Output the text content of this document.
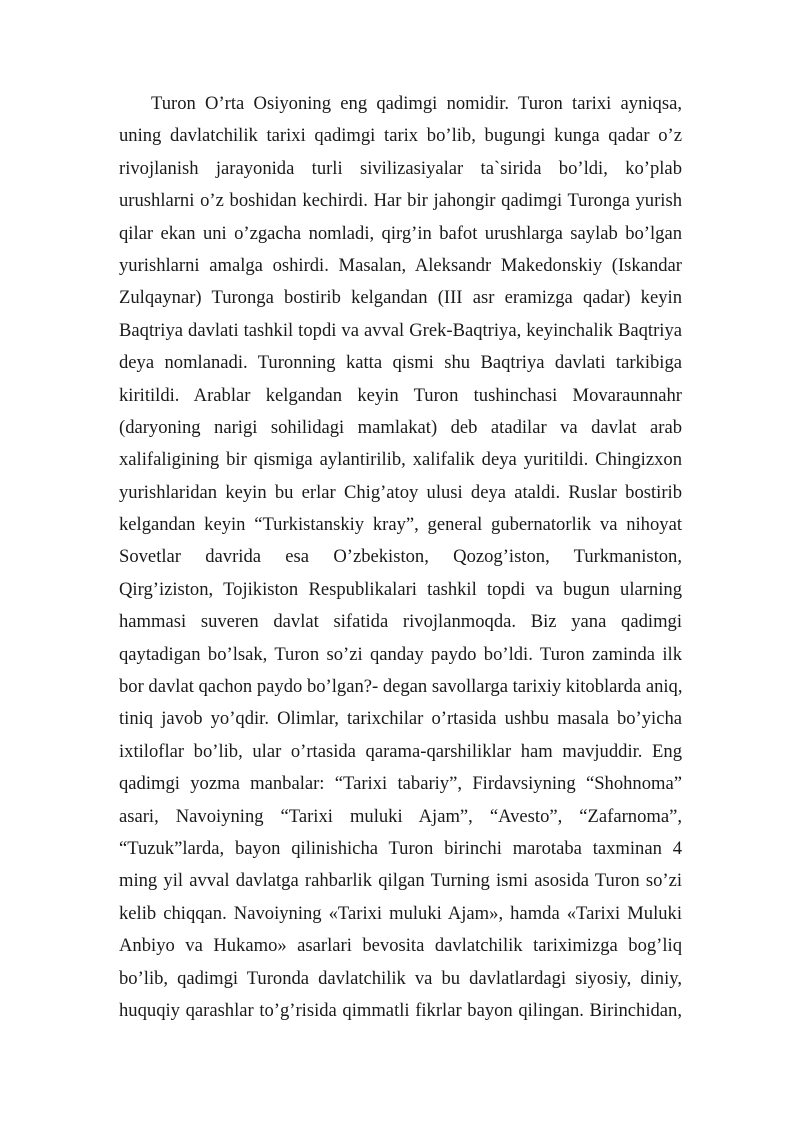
Turon O’rta Osiyoning eng qadimgi nomidir. Turon tarixi ayniqsa,
uning davlatchilik tarixi qadimgi tarix bo’lib, bugungi kunga qadar o’z
rivojlanish jarayonida turli sivilizasiyalar ta`sirida bo’ldi, ko’plab
urushlarni o’z boshidan kechirdi. Har bir jahongir qadimgi Turonga yurish
qilar ekan uni o’zgacha nomladi, qirg’in bafot urushlarga saylab bo’lgan
yurishlarni amalga oshirdi. Masalan, Aleksandr Makedonskiy (Iskandar
Zulqaynar) Turonga bostirib kelgandan (III asr eramizga qadar) keyin
Baqtriya davlati tashkil topdi va avval Grek-Baqtriya, keyinchalik Baqtriya
deya nomlanadi. Turonning katta qismi shu Baqtriya davlati tarkibiga
kiritildi. Arablar kelgandan keyin Turon tushinchasi Movaraunnahr
(daryoning narigi sohilidagi mamlakat) deb atadilar va davlat arab
xalifaligining bir qismiga aylantirilib, xalifalik deya yuritildi. Chingizxon
yurishlaridan keyin bu erlar Chig’atoy ulusi deya ataldi. Ruslar bostirib
kelgandan keyin “Turkistanskiy kray”, general gubernatorlik va nihoyat
Sovetlar davrida esa O’zbekiston, Qozog’iston, Turkmaniston,
Qirg’iziston, Tojikiston Respublikalari tashkil topdi va bugun ularning
hammasi suveren davlat sifatida rivojlanmoqda. Biz yana qadimgi
qaytadigan bo’lsak, Turon so’zi qanday paydo bo’ldi. Turon zaminda ilk
bor davlat qachon paydo bo’lgan?- degan savollarga tarixiy kitoblarda aniq,
tiniq javob yo’qdir. Olimlar, tarixchilar o’rtasida ushbu masala bo’yicha
ixtiloflar bo’lib, ular o’rtasida qarama-qarshiliklar ham mavjuddir. Eng
qadimgi yozma manbalar: “Tarixi tabariy”, Firdavsiyning “Shohnoma”
asari, Navoiyning “Tarixi muluki Ajam”, “Avesto”, “Zafarnoma”,
“Tuzuk”larda, bayon qilinishicha Turon birinchi marotaba taxminan 4
ming yil avval davlatga rahbarlik qilgan Turning ismi asosida Turon so’zi
kelib chiqqan. Navoiyning «Tarixi muluki Ajam», hamda «Tarixi Muluki
Anbiyo va Hukamo» asarlari bevosita davlatchilik tariximizga bog’liq
bo’lib, qadimgi Turonda davlatchilik va bu davlatlardagi siyosiy, diniy,
huquqiy qarashlar to’g’risida qimmatli fikrlar bayon qilingan. Birinchidan,
